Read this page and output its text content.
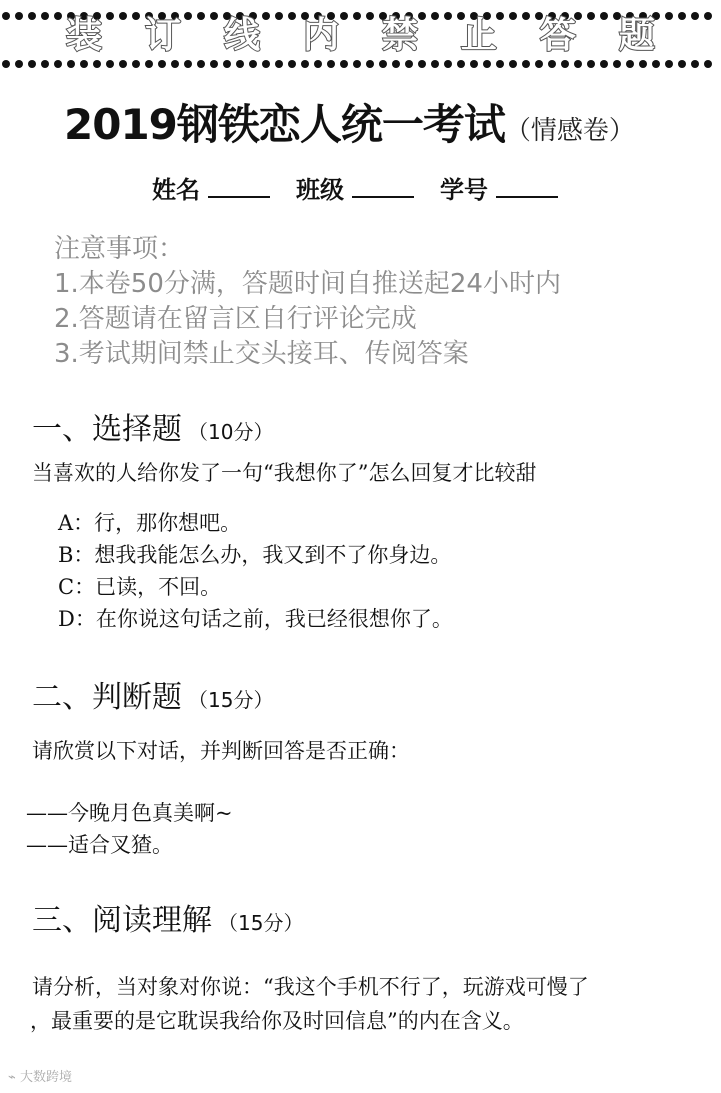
装 订 线 内 禁 止 答 题
2019钢铁恋人统一考试（情感卷）
姓名	班级	学号
注意事项：
1.本卷50分满，答题时间自推送起24小时内
2.答题请在留言区自行评论完成
3.考试期间禁止交头接耳、传阅答案
一、选择题 （10分）
当喜欢的人给你发了一句“我想你了”怎么回复才比较甜
A：行，那你想吧。
B：想我我能怎么办，我又到不了你身边。
C：已读，不回。
D：在你说这句话之前，我已经很想你了。
二、判断题 （15分）
请欣赏以下对话，并判断回答是否正确：
——今晚月色真美啊~
——适合叉猹。
三、阅读理解 （15分）
请分析，当对象对你说：“我这个手机不行了，玩游戏可慢了
，最重要的是它耽误我给你及时回信息”的内在含义。
⌁ 大数跨境
